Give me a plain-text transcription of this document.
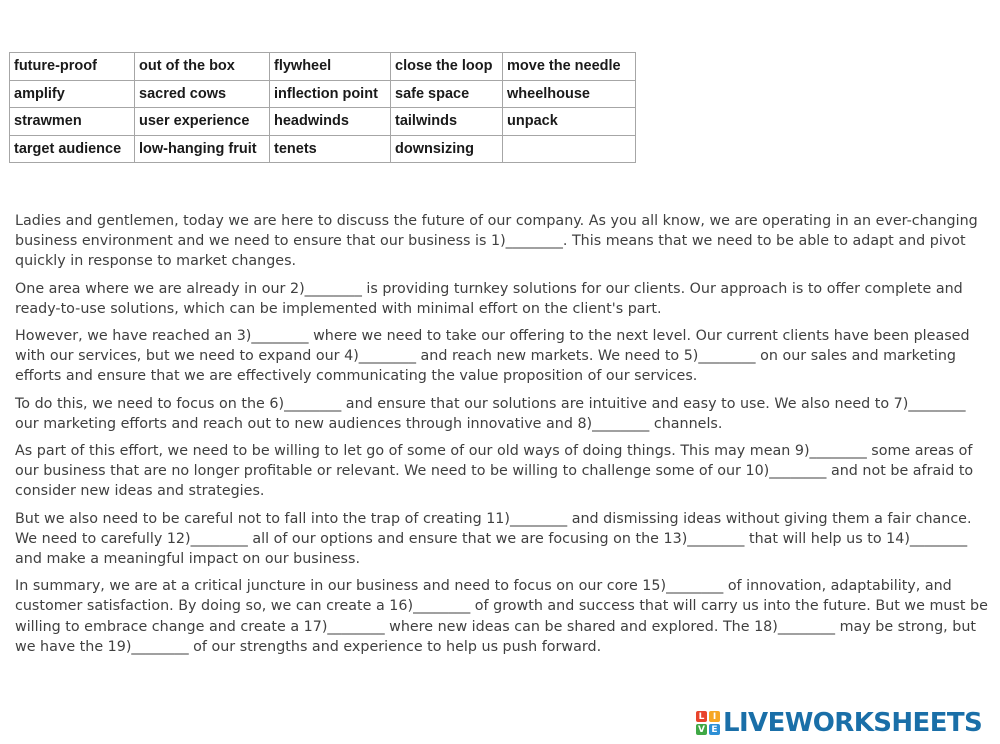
future-proof	out of the box	flywheel	close the loop	move the needle
amplify	sacred cows	inflection point	safe space	wheelhouse
strawmen	user experience	headwinds	tailwinds	unpack
target audience	low-hanging fruit	tenets	downsizing	

Ladies and gentlemen, today we are here to discuss the future of our company. As you all know, we are operating in an ever-changing business environment and we need to ensure that our business is 1)________. This means that we need to be able to adapt and pivot quickly in response to market changes.

One area where we are already in our 2)________ is providing turnkey solutions for our clients. Our approach is to offer complete and ready-to-use solutions, which can be implemented with minimal effort on the client's part.

However, we have reached an 3)________ where we need to take our offering to the next level. Our current clients have been pleased with our services, but we need to expand our 4)________ and reach new markets. We need to 5)________ on our sales and marketing efforts and ensure that we are effectively communicating the value proposition of our services.

To do this, we need to focus on the 6)________ and ensure that our solutions are intuitive and easy to use. We also need to 7)________ our marketing efforts and reach out to new audiences through innovative and 8)________ channels.

As part of this effort, we need to be willing to let go of some of our old ways of doing things. This may mean 9)________ some areas of our business that are no longer profitable or relevant. We need to be willing to challenge some of our 10)________ and not be afraid to consider new ideas and strategies.

But we also need to be careful not to fall into the trap of creating 11)________ and dismissing ideas without giving them a fair chance. We need to carefully 12)________ all of our options and ensure that we are focusing on the 13)________ that will help us to 14)________ and make a meaningful impact on our business.

In summary, we are at a critical juncture in our business and need to focus on our core 15)________ of innovation, adaptability, and customer satisfaction. By doing so, we can create a 16)________ of growth and success that will carry us into the future. But we must be willing to embrace change and create a 17)________ where new ideas can be shared and explored. The 18)________ may be strong, but we have the 19)________ of our strengths and experience to help us push forward.

L I
V E LIVEWORKSHEETS
